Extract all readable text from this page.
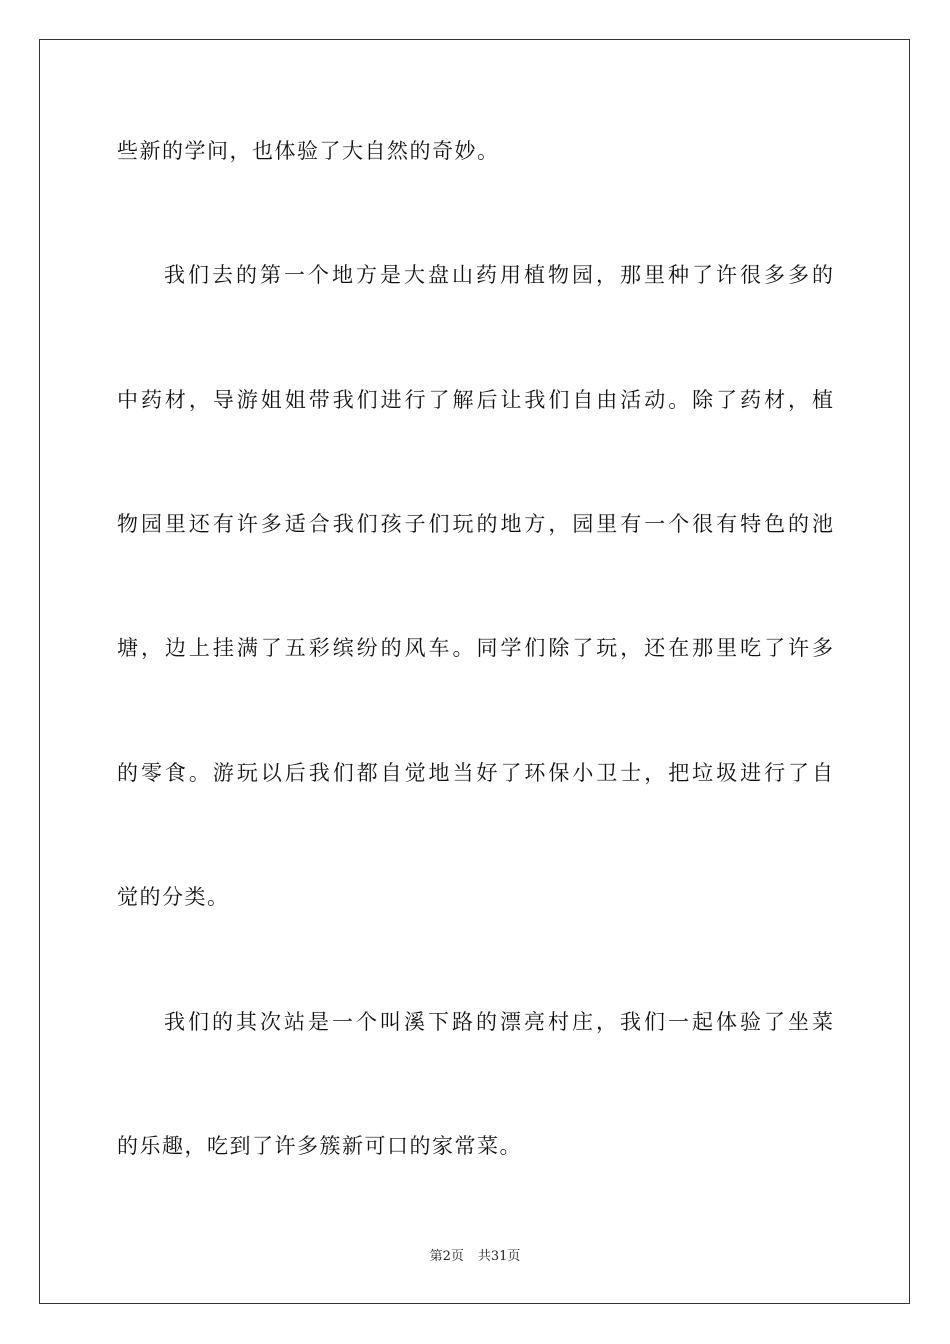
些新的学问，也体验了大自然的奇妙。
我们去的第一个地方是大盘山药用植物园，那里种了许很多多的
中药材，导游姐姐带我们进行了解后让我们自由活动。除了药材，植
物园里还有许多适合我们孩子们玩的地方，园里有一个很有特色的池
塘，边上挂满了五彩缤纷的风车。同学们除了玩，还在那里吃了许多
的零食。游玩以后我们都自觉地当好了环保小卫士，把垃圾进行了自
觉的分类。
我们的其次站是一个叫溪下路的漂亮村庄，我们一起体验了坐菜
的乐趣，吃到了许多簇新可口的家常菜。
第2页 共31页
